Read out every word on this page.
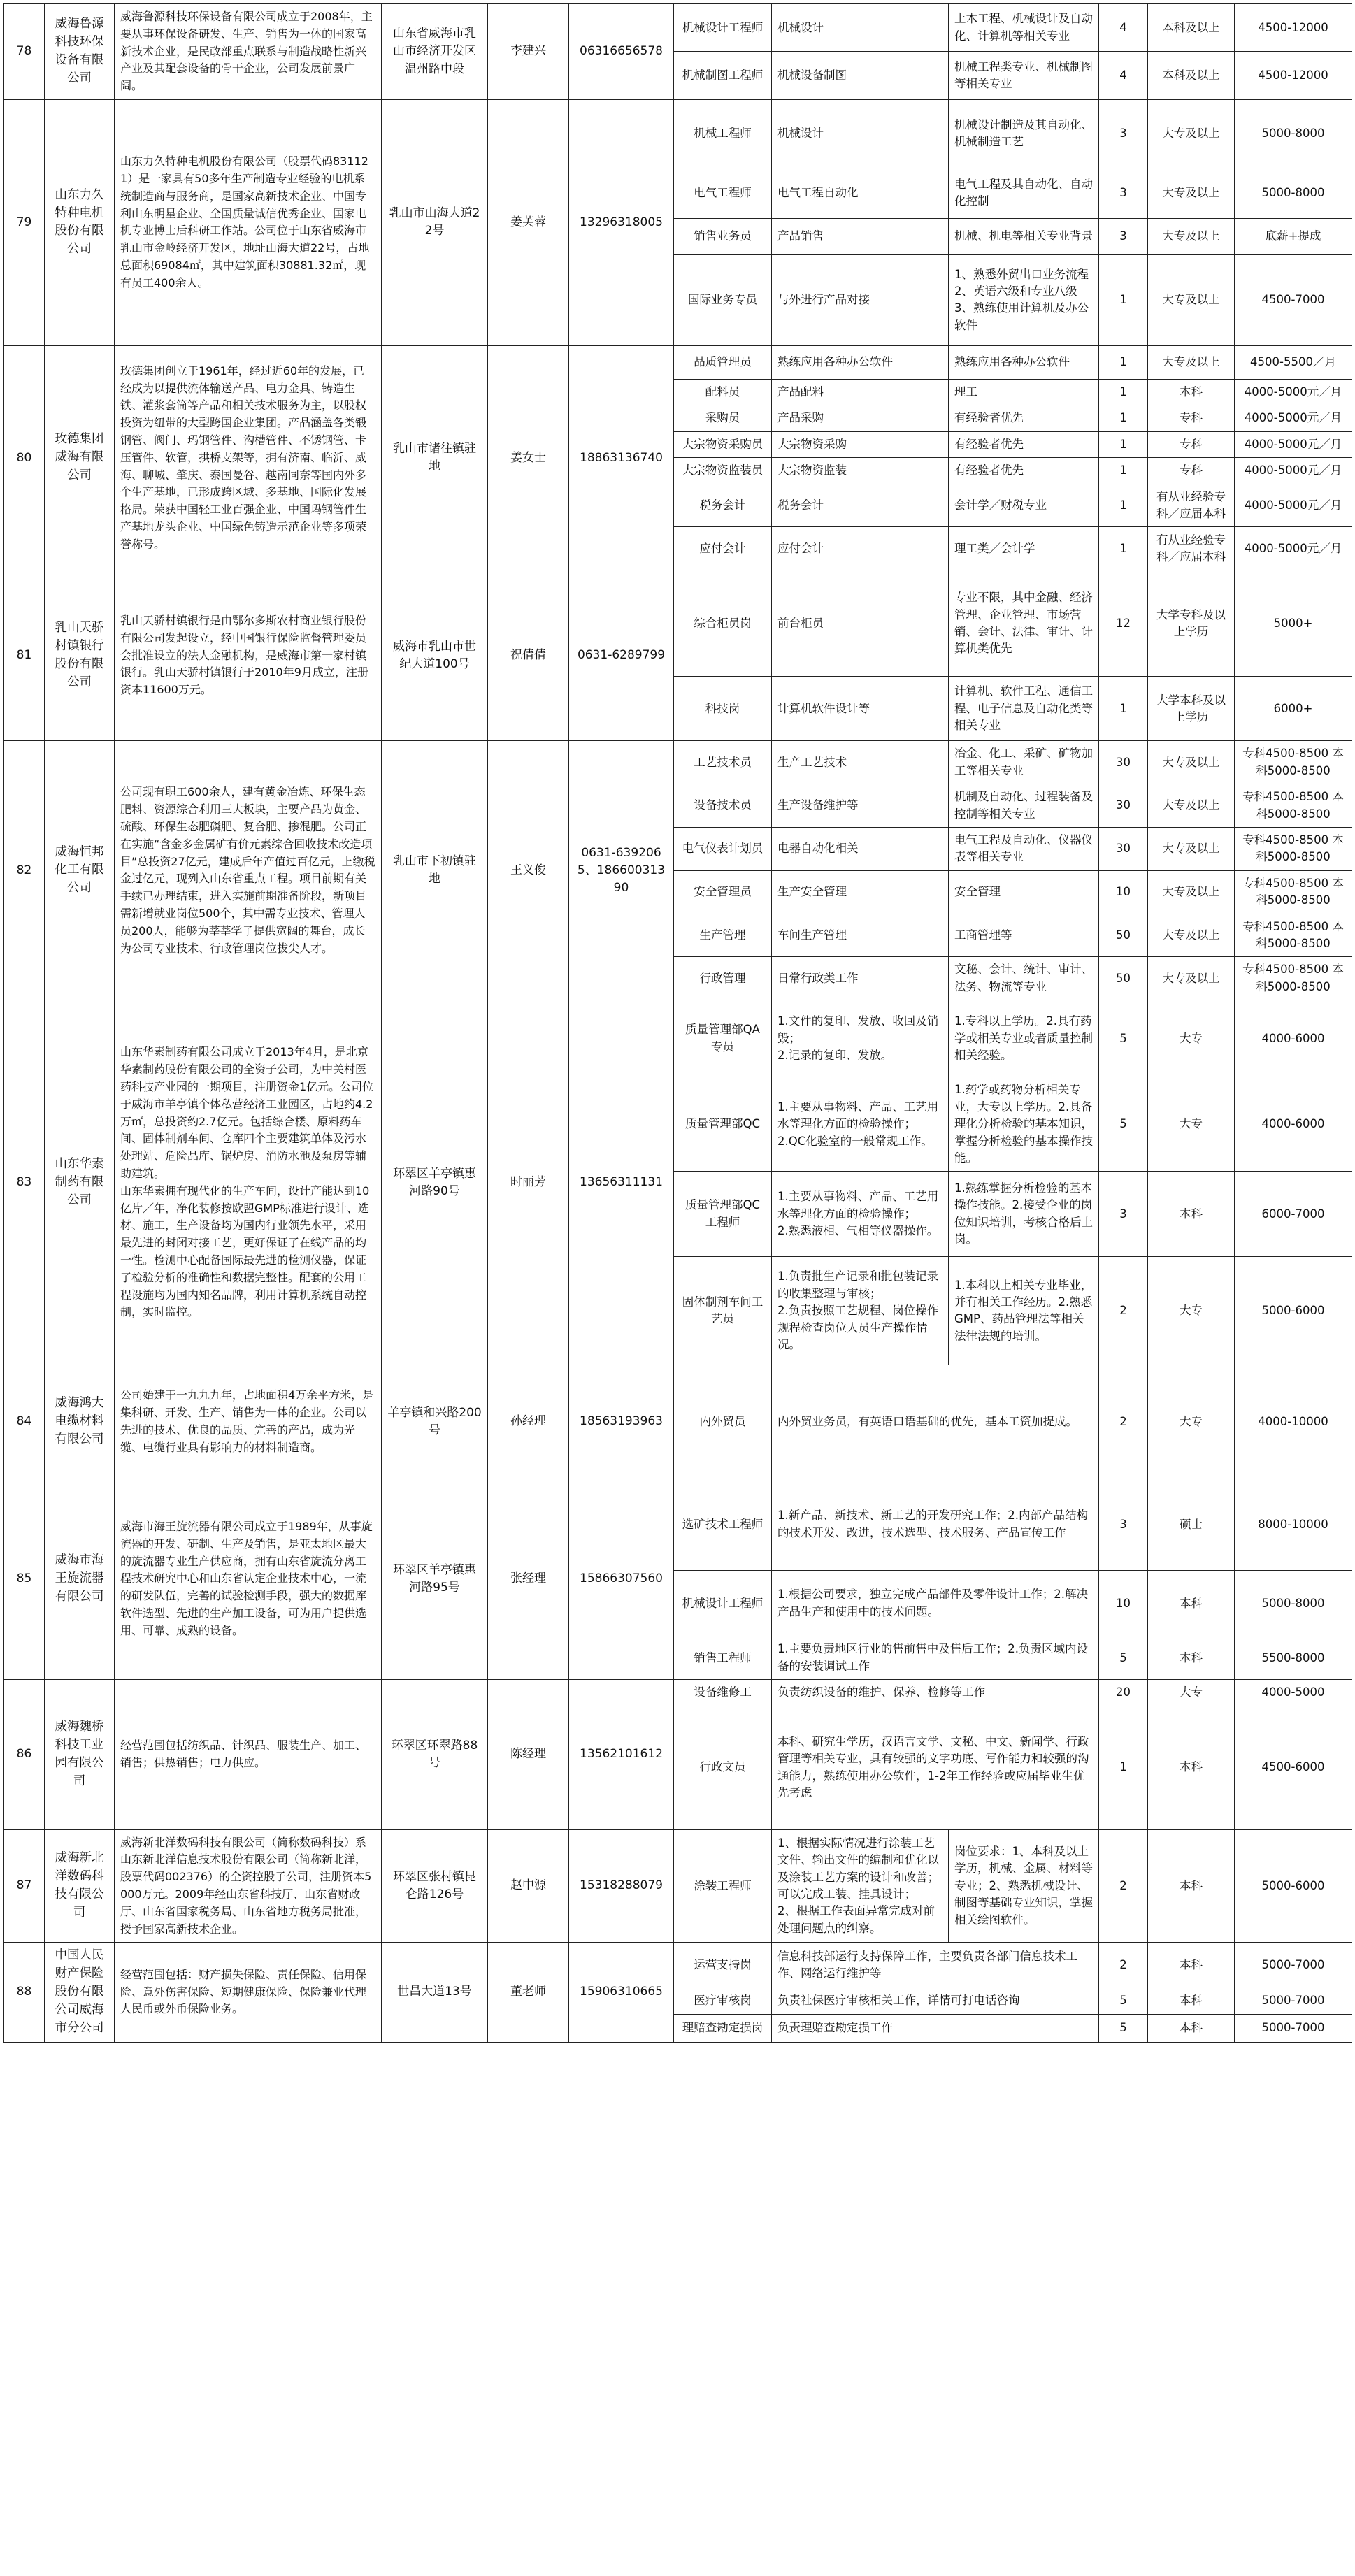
78	威海鲁源科技环保设备有限公司	威海鲁源科技环保设备有限公司成立于2008年，主要从事环保设备研发、生产、销售为一体的国家高新技术企业，是民政部重点联系与制造战略性新兴产业及其配套设备的骨干企业，公司发展前景广阔。	山东省威海市乳山市经济开发区温州路中段	李建兴	06316656578	机械设计工程师	机械设计	土木工程、机械设计及自动化、计算机等相关专业	4	本科及以上	4500-12000
						机械制图工程师	机械设备制图	机械工程类专业、机械制图等相关专业	4	本科及以上	4500-12000
79	山东力久特种电机股份有限公司	山东力久特种电机股份有限公司（股票代码831121）是一家具有50多年生产制造专业经验的电机系统制造商与服务商，是国家高新技术企业、中国专利山东明星企业、全国质量诚信优秀企业、国家电机专业博士后科研工作站。公司位于山东省威海市乳山市金岭经济开发区，地址山海大道22号，占地总面积69084㎡，其中建筑面积30881.32㎡，现有员工400余人。	乳山市山海大道22号	姜芙蓉	13296318005	机械工程师	机械设计	机械设计制造及其自动化、机械制造工艺	3	大专及以上	5000-8000
						电气工程师	电气工程自动化	电气工程及其自动化、自动化控制	3	大专及以上	5000-8000
						销售业务员	产品销售	机械、机电等相关专业背景	3	大专及以上	底薪+提成
						国际业务专员	与外进行产品对接	1、熟悉外贸出口业务流程2、英语六级和专业八级3、熟练使用计算机及办公软件	1	大专及以上	4500-7000
80	玫德集团威海有限公司	玫德集团创立于1961年，经过近60年的发展，已经成为以提供流体输送产品、电力金具、铸造生铁、灌浆套筒等产品和相关技术服务为主，以股权投资为纽带的大型跨国企业集团。产品涵盖各类锻钢管、阀门、玛钢管件、沟槽管件、不锈钢管、卡压管件、软管，拱桥支架等，拥有济南、临沂、威海、聊城、肇庆、泰国曼谷、越南同奈等国内外多个生产基地，已形成跨区域、多基地、国际化发展格局。荣获中国轻工业百强企业、中国玛钢管件生产基地龙头企业、中国绿色铸造示范企业等多项荣誉称号。	乳山市诸往镇驻地	姜女士	18863136740	品质管理员	熟练应用各种办公软件	熟练应用各种办公软件	1	大专及以上	4500-5500／月
						配料员	产品配料	理工	1	本科	4000-5000元／月
						采购员	产品采购	有经验者优先	1	专科	4000-5000元／月
						大宗物资采购员	大宗物资采购	有经验者优先	1	专科	4000-5000元／月
						大宗物资监装员	大宗物资监装	有经验者优先	1	专科	4000-5000元／月
						税务会计	税务会计	会计学／财税专业	1	有从业经验专科／应届本科	4000-5000元／月
						应付会计	应付会计	理工类／会计学	1	有从业经验专科／应届本科	4000-5000元／月
81	乳山天骄村镇银行股份有限公司	乳山天骄村镇银行是由鄂尔多斯农村商业银行股份有限公司发起设立，经中国银行保险监督管理委员会批准设立的法人金融机构，是威海市第一家村镇银行。乳山天骄村镇银行于2010年9月成立，注册资本11600万元。	威海市乳山市世纪大道100号	祝倩倩	0631-6289799	综合柜员岗	前台柜员	专业不限，其中金融、经济管理、企业管理、市场营销、会计、法律、审计、计算机类优先	12	大学专科及以上学历	5000+
						科技岗	计算机软件设计等	计算机、软件工程、通信工程、电子信息及自动化类等相关专业	1	大学本科及以上学历	6000+
82	威海恒邦化工有限公司	公司现有职工600余人，建有黄金冶炼、环保生态肥料、资源综合利用三大板块，主要产品为黄金、硫酸、环保生态肥磷肥、复合肥、掺混肥。公司正在实施“含金多金属矿有价元素综合回收技术改造项目”总投资27亿元，建成后年产值过百亿元，上缴税金过亿元，现列入山东省重点工程。项目前期有关手续已办理结束，进入实施前期准备阶段，新项目需新增就业岗位500个，其中需专业技术、管理人员200人，能够为莘莘学子提供宽阔的舞台，成长为公司专业技术、行政管理岗位拔尖人才。	乳山市下初镇驻地	王义俊	0631-6392065、18660031390	工艺技术员	生产工艺技术	冶金、化工、采矿、矿物加工等相关专业	30	大专及以上	专科4500-8500 本科5000-8500
						设备技术员	生产设备维护等	机制及自动化、过程装备及控制等相关专业	30	大专及以上	专科4500-8500 本科5000-8500
						电气仪表计划员	电器自动化相关	电气工程及自动化、仪器仪表等相关专业	30	大专及以上	专科4500-8500 本科5000-8500
						安全管理员	生产安全管理	安全管理	10	大专及以上	专科4500-8500 本科5000-8500
						生产管理	车间生产管理	工商管理等	50	大专及以上	专科4500-8500 本科5000-8500
						行政管理	日常行政类工作	文秘、会计、统计、审计、法务、物流等专业	50	大专及以上	专科4500-8500 本科5000-8500
83	山东华素制药有限公司	山东华素制药有限公司成立于2013年4月，是北京华素制药股份有限公司的全资子公司，为中关村医药科技产业园的一期项目，注册资金1亿元。公司位于威海市羊亭镇个体私营经济工业园区，占地约4.2万㎡，总投资约2.7亿元。包括综合楼、原料药车间、固体制剂车间、仓库四个主要建筑单体及污水处理站、危险品库、锅炉房、消防水池及泵房等辅助建筑。
山东华素拥有现代化的生产车间，设计产能达到10亿片／年，净化装修按欧盟GMP标准进行设计、选材、施工，生产设备均为国内行业领先水平，采用最先进的封闭对接工艺，更好保证了在线产品的均一性。检测中心配备国际最先进的检测仪器，保证了检验分析的准确性和数据完整性。配套的公用工程设施均为国内知名品牌，利用计算机系统自动控制，实时监控。	环翠区羊亭镇惠河路90号	时丽芳	13656311131	质量管理部QA专员	1.文件的复印、发放、收回及销毁；
2.记录的复印、发放。	1.专科以上学历。2.具有药学或相关专业或者质量控制相关经验。	5	大专	4000-6000
						质量管理部QC	1.主要从事物料、产品、工艺用水等理化方面的检验操作；
2.QC化验室的一般常规工作。	1.药学或药物分析相关专业，大专以上学历。2.具备理化分析检验的基本知识，掌握分析检验的基本操作技能。	5	大专	4000-6000
						质量管理部QC工程师	1.主要从事物料、产品、工艺用水等理化方面的检验操作；
2.熟悉液相、气相等仪器操作。	1.熟练掌握分析检验的基本操作技能。2.接受企业的岗位知识培训，考核合格后上岗。	3	本科	6000-7000
						固体制剂车间工艺员	1.负责批生产记录和批包装记录的收集整理与审核；
2.负责按照工艺规程、岗位操作规程检查岗位人员生产操作情况。	1.本科以上相关专业毕业，并有相关工作经历。2.熟悉GMP、药品管理法等相关法律法规的培训。	2	大专	5000-6000
84	威海鸿大电缆材料有限公司	公司始建于一九九九年，占地面积4万余平方米，是集科研、开发、生产、销售为一体的企业。公司以先进的技术、优良的品质、完善的产品，成为光缆、电缆行业具有影响力的材料制造商。	羊亭镇和兴路200号	孙经理	18563193963	内外贸员	内外贸业务员，有英语口语基础的优先，基本工资加提成。		2	大专	4000-10000
85	威海市海王旋流器有限公司	威海市海王旋流器有限公司成立于1989年，从事旋流器的开发、研制、生产及销售，是亚太地区最大的旋流器专业生产供应商，拥有山东省旋流分离工程技术研究中心和山东省认定企业技术中心，一流的研发队伍，完善的试验检测手段，强大的数据库软件选型、先进的生产加工设备，可为用户提供选用、可靠、成熟的设备。	环翠区羊亭镇惠河路95号	张经理	15866307560	选矿技术工程师	1.新产品、新技术、新工艺的开发研究工作；2.内部产品结构的技术开发、改进，技术选型、技术服务、产品宣传工作		3	硕士	8000-10000
						机械设计工程师	1.根据公司要求，独立完成产品部件及零件设计工作；2.解决产品生产和使用中的技术问题。		10	本科	5000-8000
						销售工程师	1.主要负责地区行业的售前售中及售后工作；2.负责区域内设备的安装调试工作		5	本科	5500-8000
86	威海魏桥科技工业园有限公司	经营范围包括纺织品、针织品、服装生产、加工、销售；供热销售；电力供应。	环翠区环翠路88号	陈经理	13562101612	设备维修工	负责纺织设备的维护、保养、检修等工作		20	大专	4000-5000
						行政文员	本科、研究生学历，汉语言文学、文秘、中文、新闻学、行政管理等相关专业，具有较强的文字功底、写作能力和较强的沟通能力，熟练使用办公软件，1-2年工作经验或应届毕业生优先考虑		1	本科	4500-6000
87	威海新北洋数码科技有限公司	威海新北洋数码科技有限公司（简称数码科技）系山东新北洋信息技术股份有限公司（简称新北洋，股票代码002376）的全资控股子公司，注册资本5000万元。2009年经山东省科技厅、山东省财政厅、山东省国家税务局、山东省地方税务局批准，授予国家高新技术企业。	环翠区张村镇昆仑路126号	赵中源	15318288079	涂装工程师	1、根据实际情况进行涂装工艺文件、输出文件的编制和优化以及涂装工艺方案的设计和改善；可以完成工装、挂具设计；
2、根据工作表面异常完成对前处理问题点的纠察。	岗位要求：1、本科及以上学历，机械、金属、材料等专业；2、熟悉机械设计、制图等基础专业知识，掌握相关绘图软件。	2	本科	5000-6000
88	中国人民财产保险股份有限公司威海市分公司	经营范围包括：财产损失保险、责任保险、信用保险、意外伤害保险、短期健康保险、保险兼业代理人民币或外币保险业务。	世昌大道13号	董老师	15906310665	运营支持岗	信息科技部运行支持保障工作，主要负责各部门信息技术工作、网络运行维护等		2	本科	5000-7000
						医疗审核岗	负责社保医疗审核相关工作，详情可打电话咨询		5	本科	5000-7000
						理赔查勘定损岗	负责理赔查勘定损工作		5	本科	5000-7000
